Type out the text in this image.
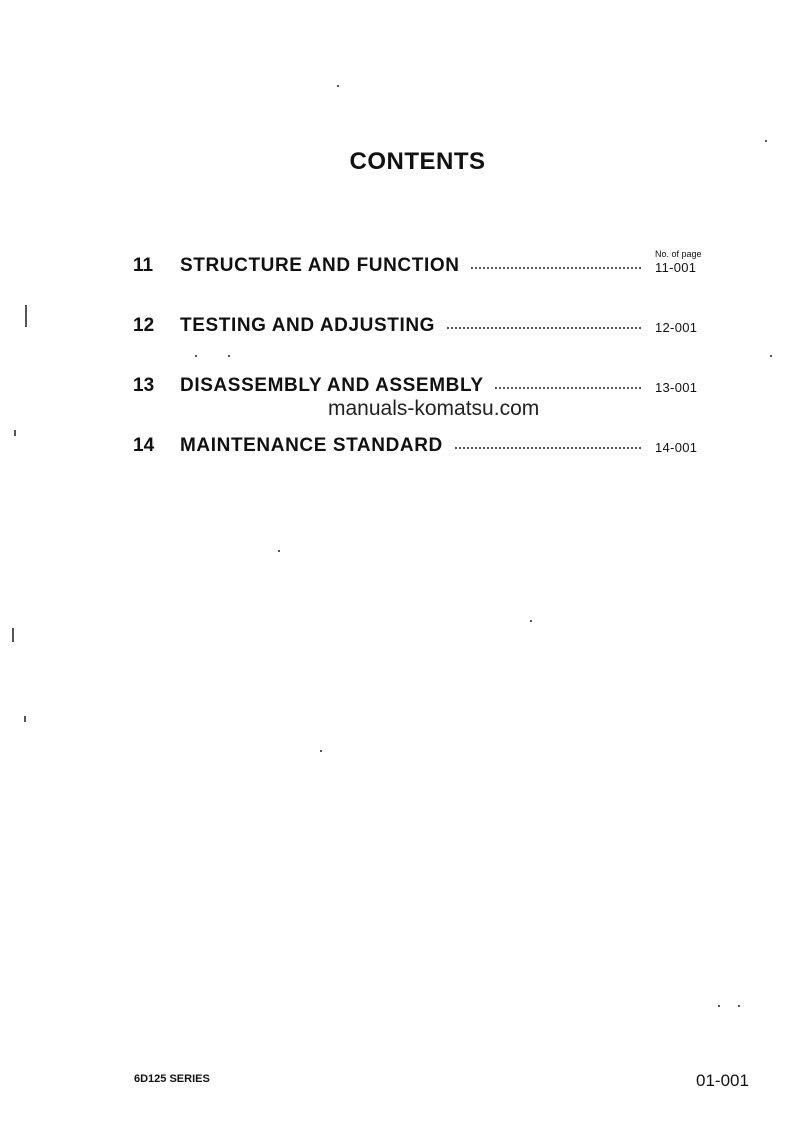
CONTENTS
No. of page
11 STRUCTURE AND FUNCTION	11-001
12 TESTING AND ADJUSTING	12-001
13 DISASSEMBLY AND ASSEMBLY	13-001
14 MAINTENANCE STANDARD	14-001
manuals-komatsu.com
6D125 SERIES	01-001
